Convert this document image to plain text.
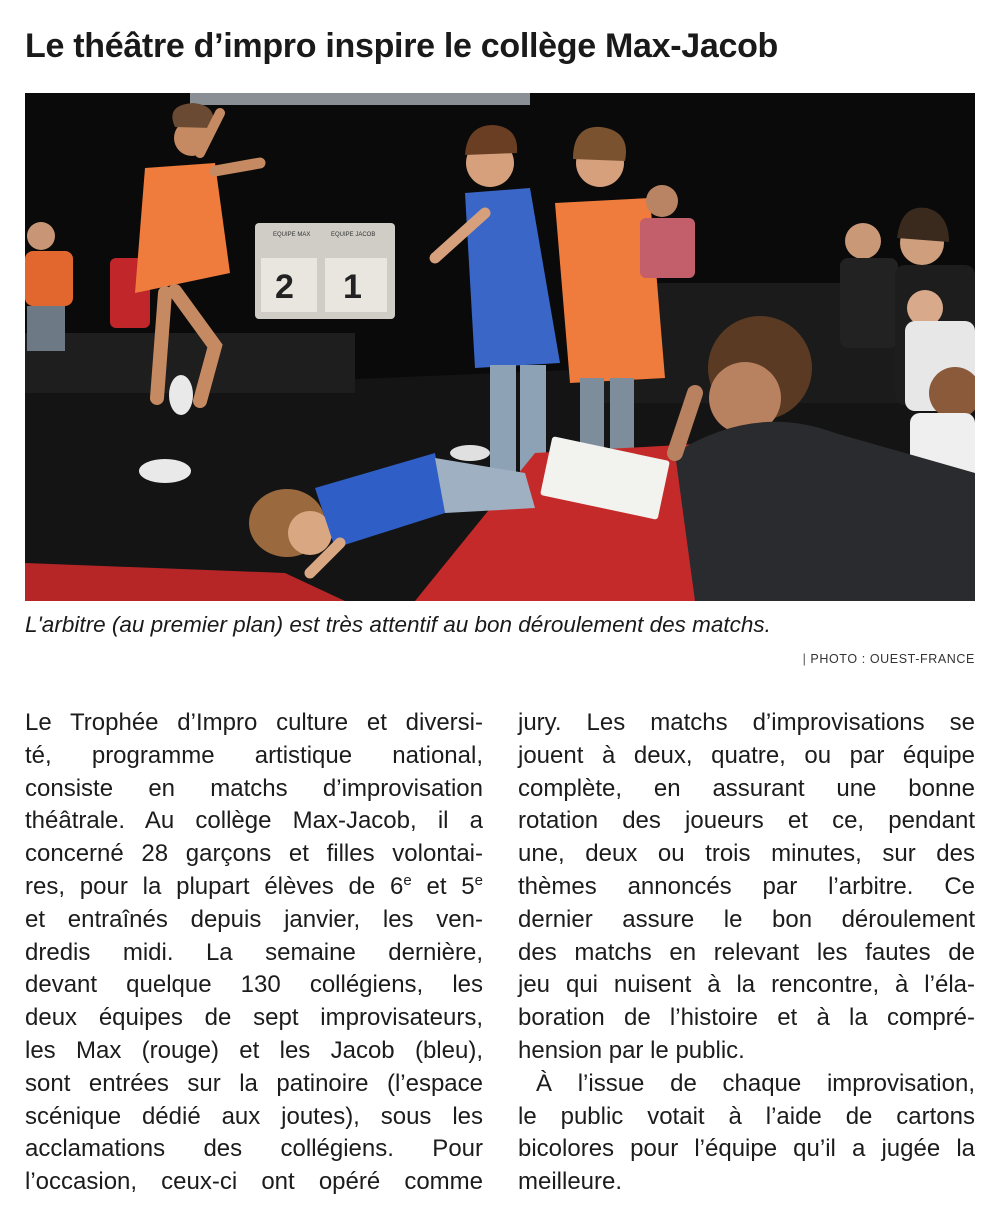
Le théâtre d’impro inspire le collège Max-Jacob
EQUIPE MAX	EQUIPE JACOB
2 1
L'arbitre (au premier plan) est très attentif au bon déroulement des matchs.
| PHOTO : OUEST-FRANCE
Le Trophée d’Impro culture et diversi-
té, programme artistique national,
consiste en matchs d’improvisation
théâtrale. Au collège Max-Jacob, il a
concerné 28 garçons et filles volontai-
res, pour la plupart élèves de 6e et 5e
et entraînés depuis janvier, les ven-
dredis midi. La semaine dernière,
devant quelque 130 collégiens, les
deux équipes de sept improvisateurs,
les Max (rouge) et les Jacob (bleu),
sont entrées sur la patinoire (l’espace
scénique dédié aux joutes), sous les
acclamations des collégiens. Pour
l’occasion, ceux-ci ont opéré comme
jury. Les matchs d’improvisations se
jouent à deux, quatre, ou par équipe
complète, en assurant une bonne
rotation des joueurs et ce, pendant
une, deux ou trois minutes, sur des
thèmes annoncés par l’arbitre. Ce
dernier assure le bon déroulement
des matchs en relevant les fautes de
jeu qui nuisent à la rencontre, à l’éla-
boration de l’histoire et à la compré-
hension par le public.
À l’issue de chaque improvisation,
le public votait à l’aide de cartons
bicolores pour l’équipe qu’il a jugée la
meilleure.
